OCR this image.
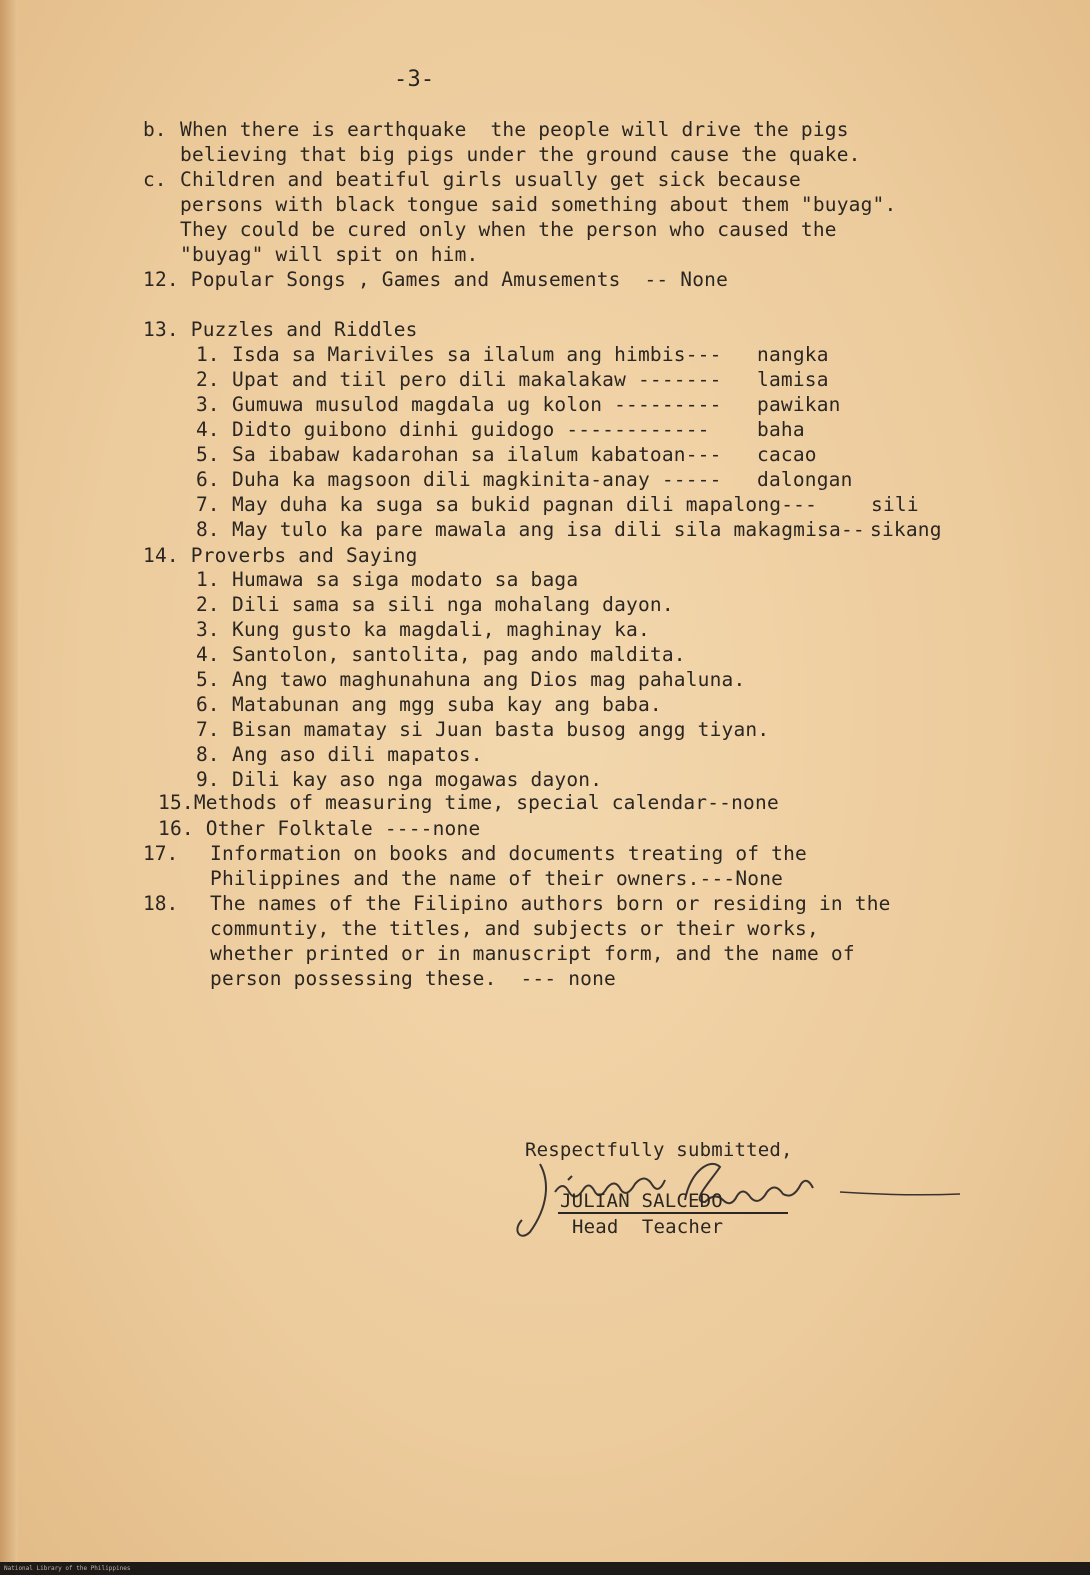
-3-
b. When there is earthquake  the people will drive the pigs
believing that big pigs under the ground cause the quake.
c. Children and beatiful girls usually get sick because
persons with black tongue said something about them "buyag".
They could be cured only when the person who caused the
"buyag" will spit on him.
12. Popular Songs , Games and Amusements  -- None
13. Puzzles and Riddles
1. Isda sa Mariviles sa ilalum ang himbis--- nangka
2. Upat and tiil pero dili makalakaw ------- lamisa
3. Gumuwa musulod magdala ug kolon --------- pawikan
4. Didto guibono dinhi guidogo ------------ baha
5. Sa ibabaw kadarohan sa ilalum kabatoan--- cacao
6. Duha ka magsoon dili magkinita-anay ----- dalongan
7. May duha ka suga sa bukid pagnan dili mapalong---	sili
8. May tulo ka pare mawala ang isa dili sila makagmisa-- sikang
14. Proverbs and Saying
1. Humawa sa siga modato sa baga
2. Dili sama sa sili nga mohalang dayon.
3. Kung gusto ka magdali, maghinay ka.
4. Santolon, santolita, pag ando maldita.
5. Ang tawo maghunahuna ang Dios mag pahaluna.
6. Matabunan ang mgg suba kay ang baba.
7. Bisan mamatay si Juan basta busog angg tiyan.
8. Ang aso dili mapatos.
9. Dili kay aso nga mogawas dayon.
15.Methods of measuring time, special calendar--none
16. Other Folktale ----none
17. Information on books and documents treating of the
Philippines and the name of their owners.---None
18. The names of the Filipino authors born or residing in the
communtiy, the titles, and subjects or their works,
whether printed or in manuscript form, and the name of
person possessing these.  --- none
Respectfully submitted,
JULIAN SALCEDO
Head  Teacher
National Library of the Philippines
